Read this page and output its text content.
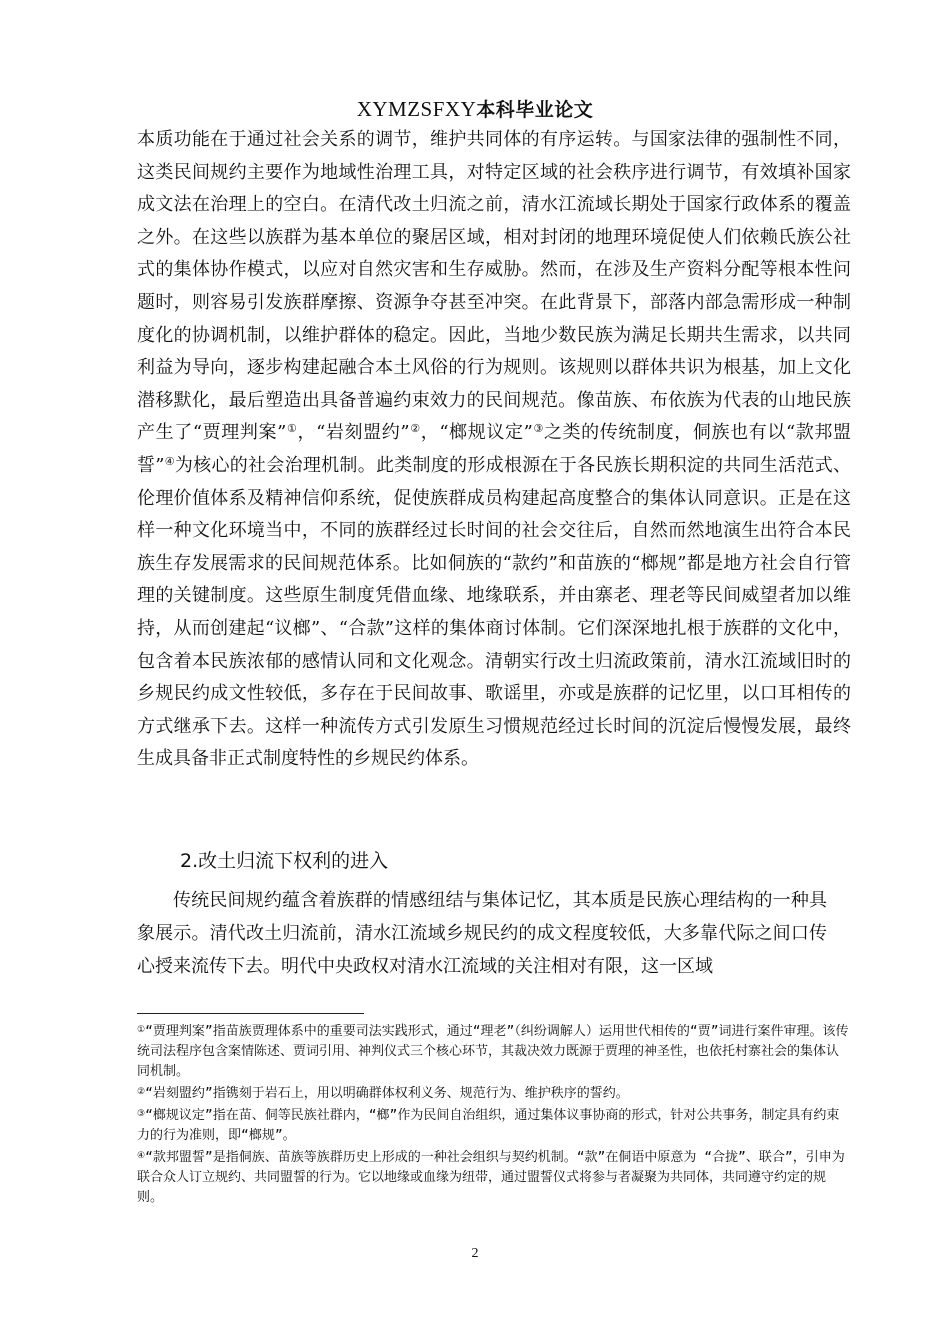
XYMZSFXY本科毕业论文

本质功能在于通过社会关系的调节，维护共同体的有序运转。与国家法律的强制性不同，这类民间规约主要作为地域性治理工具，对特定区域的社会秩序进行调节，有效填补国家成文法在治理上的空白。在清代改土归流之前，清水江流域长期处于国家行政体系的覆盖之外。在这些以族群为基本单位的聚居区域，相对封闭的地理环境促使人们依赖氏族公社式的集体协作模式，以应对自然灾害和生存威胁。然而，在涉及生产资料分配等根本性问题时，则容易引发族群摩擦、资源争夺甚至冲突。在此背景下，部落内部急需形成一种制度化的协调机制，以维护群体的稳定。因此，当地少数民族为满足长期共生需求，以共同利益为导向，逐步构建起融合本土风俗的行为规则。该规则以群体共识为根基，加上文化潜移默化，最后塑造出具备普遍约束效力的民间规范。像苗族、布依族为代表的山地民族产生了“贾理判案”①，“岩刻盟约”②，“榔规议定”③之类的传统制度，侗族也有以“款邦盟誓”④为核心的社会治理机制。此类制度的形成根源在于各民族长期积淀的共同生活范式、伦理价值体系及精神信仰系统，促使族群成员构建起高度整合的集体认同意识。正是在这样一种文化环境当中，不同的族群经过长时间的社会交往后，自然而然地演生出符合本民族生存发展需求的民间规范体系。比如侗族的“款约”和苗族的“榔规”都是地方社会自行管理的关键制度。这些原生制度凭借血缘、地缘联系，并由寨老、理老等民间威望者加以维持，从而创建起“议榔”、“合款”这样的集体商讨体制。它们深深地扎根于族群的文化中，包含着本民族浓郁的感情认同和文化观念。清朝实行改土归流政策前，清水江流域旧时的乡规民约成文性较低，多存在于民间故事、歌谣里，亦或是族群的记忆里，以口耳相传的方式继承下去。这样一种流传方式引发原生习惯规范经过长时间的沉淀后慢慢发展，最终生成具备非正式制度特性的乡规民约体系。

2.改土归流下权利的进入

传统民间规约蕴含着族群的情感纽结与集体记忆，其本质是民族心理结构的一种具象展示。清代改土归流前，清水江流域乡规民约的成文程度较低，大多靠代际之间口传心授来流传下去。明代中央政权对清水江流域的关注相对有限，这一区域

①“贾理判案”指苗族贾理体系中的重要司法实践形式，通过“理老”（纠纷调解人）运用世代相传的“贾”词进行案件审理。该传统司法程序包含案情陈述、贾词引用、神判仪式三个核心环节，其裁决效力既源于贾理的神圣性，也依托村寨社会的集体认同机制。

②“岩刻盟约”指镌刻于岩石上，用以明确群体权利义务、规范行为、维护秩序的誓约。

③“榔规议定”指在苗、侗等民族社群内，“榔”作为民间自治组织，通过集体议事协商的形式，针对公共事务，制定具有约束力的行为准则，即“榔规”。

④“款邦盟誓”是指侗族、苗族等族群历史上形成的一种社会组织与契约机制。“款”在侗语中原意为 “合拢”、联合”，引申为联合众人订立规约、共同盟誓的行为。它以地缘或血缘为纽带，通过盟誓仪式将参与者凝聚为共同体，共同遵守约定的规则。

2
